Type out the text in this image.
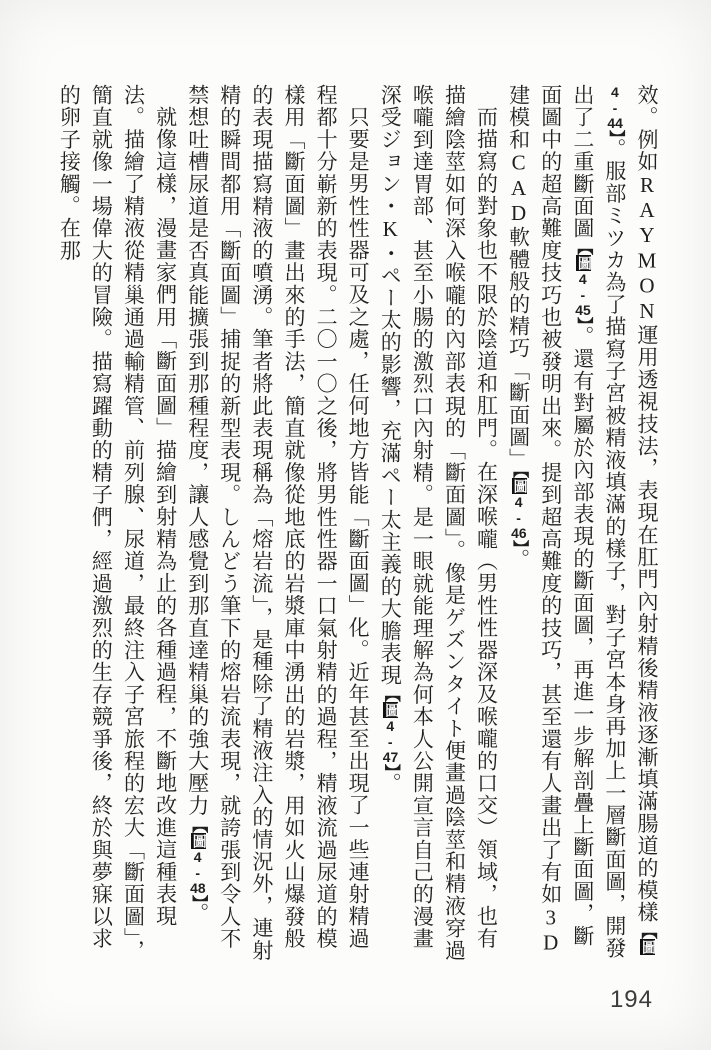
效。例如RAYMON運用透視技法，表現在肛門內射精後精液逐漸填滿腸道的模樣【圖4-44】。服部ミツカ為了描寫子宮被精液填滿的樣子，對子宮本身再加上一層斷面圖，開發出了二重斷面圖【圖4-45】。還有對屬於內部表現的斷面圖，再進一步解剖疊上斷面圖，斷面圖中的超高難度技巧也被發明出來。提到超高難度的技巧，甚至還有人畫出了有如3D建模和CAD軟體般的精巧「斷面圖」【圖4-46】。

而描寫的對象也不限於陰道和肛門。在深喉嚨（男性性器深及喉嚨的口交）領域，也有描繪陰莖如何深入喉嚨的內部表現的「斷面圖」。像是ゲズンタイト便畫過陰莖和精液穿過喉嚨到達胃部、甚至小腸的激烈口內射精。是一眼就能理解為何本人公開宣言自己的漫畫深受ジョン・K・ペー太的影響，充滿ペー太主義的大膽表現【圖4-47】。

只要是男性性器可及之處，任何地方皆能「斷面圖」化。近年甚至出現了一些連射精過程都十分嶄新的表現。二〇一〇之後，將男性性器一口氣射精的過程，精液流過尿道的模樣用「斷面圖」畫出來的手法，簡直就像從地底的岩漿庫中湧出的岩漿，用如火山爆發般的表現描寫精液的噴湧。筆者將此表現稱為「熔岩流」，是種除了精液注入的情況外，連射精的瞬間都用「斷面圖」捕捉的新型表現。しんどう筆下的熔岩流表現，就誇張到令人不禁想吐槽尿道是否真能擴張到那種程度，讓人感覺到那直達精巢的強大壓力【圖4-48】。

就像這樣，漫畫家們用「斷面圖」描繪到射精為止的各種過程，不斷地改進這種表現法。描繪了精液從精巢通過輸精管、前列腺、尿道，最終注入子宮旅程的宏大「斷面圖」，簡直就像一場偉大的冒險。描寫躍動的精子們，經過激烈的生存競爭後，終於與夢寐以求的卵子接觸。在那

194
